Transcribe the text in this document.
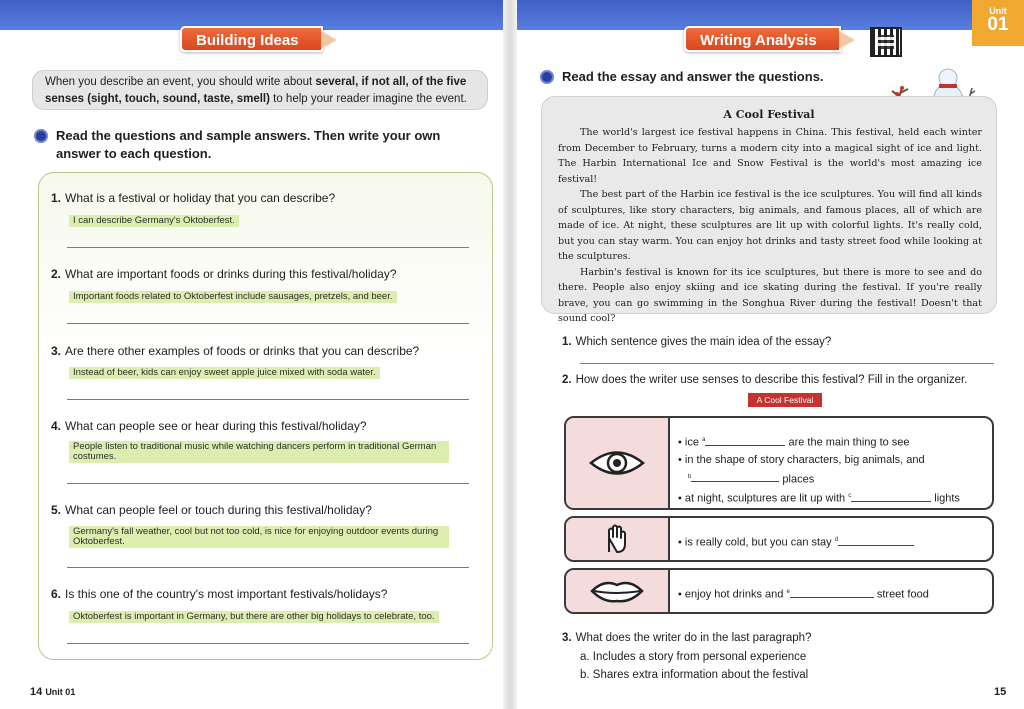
Building Ideas
When you describe an event, you should write about several, if not all, of the five senses (sight, touch, sound, taste, smell) to help your reader imagine the event.
Read the questions and sample answers. Then write your own answer to each question.
1. What is a festival or holiday that you can describe?
I can describe Germany's Oktoberfest.
2. What are important foods or drinks during this festival/holiday?
Important foods related to Oktoberfest include sausages, pretzels, and beer.
3. Are there other examples of foods or drinks that you can describe?
Instead of beer, kids can enjoy sweet apple juice mixed with soda water.
4. What can people see or hear during this festival/holiday?
People listen to traditional music while watching dancers perform in traditional German costumes.
5. What can people feel or touch during this festival/holiday?
Germany's fall weather, cool but not too cold, is nice for enjoying outdoor events during Oktoberfest.
6. Is this one of the country's most important festivals/holidays?
Oktoberfest is important in Germany, but there are other big holidays to celebrate, too.
14 Unit 01
Writing Analysis
Unit
01
Read the essay and answer the questions.
A Cool Festival

The world's largest ice festival happens in China. This festival, held each winter from December to February, turns a modern city into a magical sight of ice and light. The Harbin International Ice and Snow Festival is the world's most amazing ice festival!

The best part of the Harbin ice festival is the ice sculptures. You will find all kinds of sculptures, like story characters, big animals, and famous places, all of which are made of ice. At night, these sculptures are lit up with colorful lights. It's really cold, but you can stay warm. You can enjoy hot drinks and tasty street food while looking at the sculptures.

Harbin's festival is known for its ice sculptures, but there is more to see and do there. People also enjoy skiing and ice skating during the festival. If you're really brave, you can go swimming in the Songhua River during the festival! Doesn't that sound cool?

1. Which sentence gives the main idea of the essay?
2. How does the writer use senses to describe this festival? Fill in the organizer.
A Cool Festival
• ice $^a$	are the main thing to see
• in the shape of story characters, big animals, and
$^b$	places
• at night, sculptures are lit up with $^c$	lights
• is really cold, but you can stay $^d$
• enjoy hot drinks and $^e$	street food
3. What does the writer do in the last paragraph?
a. Includes a story from personal experience
b. Shares extra information about the festival
15
